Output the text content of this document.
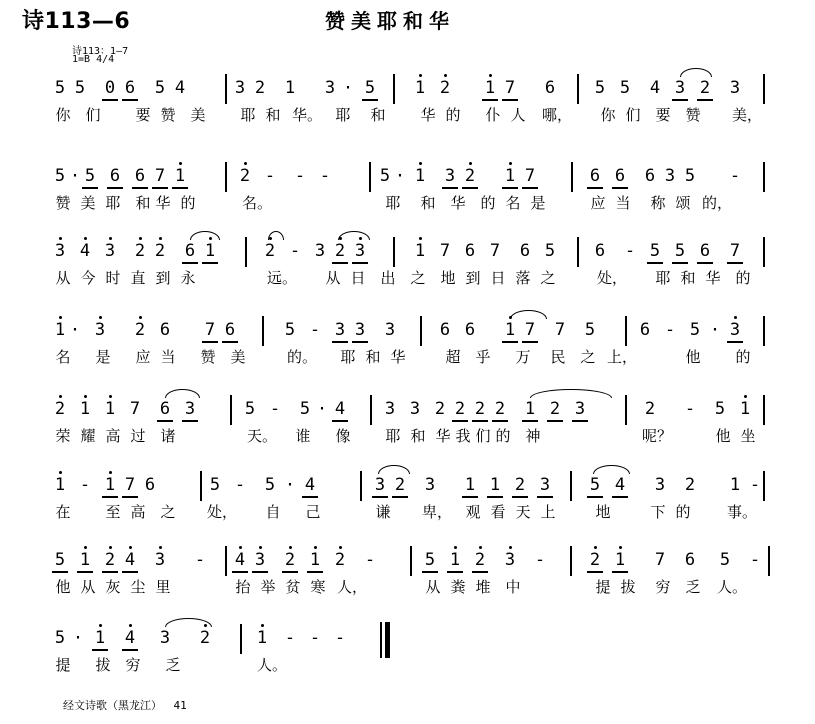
诗113—6	赞美耶和华
诗113：1—7
1=B 4/4
5 5 0 6 5 4	3 2 1 3 · 5 1 2 1 7 6 5 5 4 3 2 3
你 们 要 赞 美 耶 和 华。 耶 和 华 的 仆 人 哪， 你 们 要 赞 美，
5 · 5 6 6 7 1	2 - - -	5 · 1 3 2 1 7	6 6 6 3 5 -
赞 美 耶 和 华 的	名。	耶 和 华 的 名 是	应 当 称 颂 的，
3 4 3 2 2 6 1	2 - 3 2 3	1 7 6 7 6 5 6 - 5 5 6 7
从 今 时 直 到 永	远。 从 日 出 之 地 到 日 落 之	处， 耶 和 华 的
1 · 3 2 6 7 6	5 - 3 3 3	6 6 1 7 7 5	6 - 5 · 3
名 是 应 当 赞 美	的。 耶 和 华	超 乎 万 民 之 上，	他 的
2 1 1 7 6 3	5 - 5 · 4 3 3 2 2 2 2 1 2 3	2 - 5 1
荣 耀 高 过 诸	天。 谁 像 耶 和 华 我 们 的 神	呢？	他 坐
1 - 1 7 6	5 - 5 · 4	3 2 3 1 1 2 3 5 4 3 2 1 -
在 至 高 之 处， 自 己	谦 卑， 观 看 天 上	地	下 的 事。
5 1 2 4 3 - 4 3 2 1 2 -	5 1 2 3 -	2 1 7 6 5 -
他 从 灰 尘 里	抬 举 贫 寒 人，	从 粪 堆 中	提 拔 穷 乏 人。
5 · 1 4 3 2	1 - - -
提 拔 穷 乏	人。
经文诗歌（黑龙江） 41
